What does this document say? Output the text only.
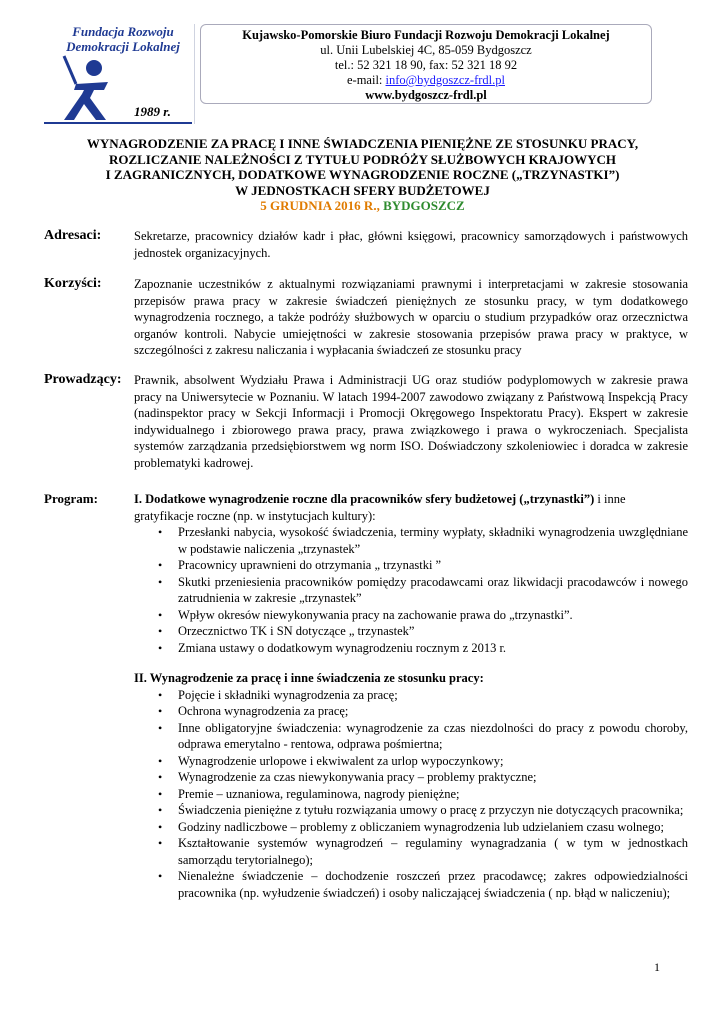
Fundacja Rozwoju
Demokracji Lokalnej
1989 r.
Kujawsko-Pomorskie Biuro Fundacji Rozwoju Demokracji Lokalnej
ul. Unii Lubelskiej 4C, 85-059 Bydgoszcz
tel.: 52 321 18 90, fax: 52 321 18 92
e-mail: info@bydgoszcz-frdl.pl
www.bydgoszcz-frdl.pl
WYNAGRODZENIE ZA PRACĘ I INNE ŚWIADCZENIA PIENIĘŻNE ZE STOSUNKU PRACY,
ROZLICZANIE NALEŻNOŚCI Z TYTUŁU PODRÓŻY SŁUŻBOWYCH KRAJOWYCH
I ZAGRANICZNYCH, DODATKOWE WYNAGRODZENIE ROCZNE („TRZYNASTKI”)
W JEDNOSTKACH SFERY BUDŻETOWEJ
5 GRUDNIA 2016 R., BYDGOSZCZ
Adresaci:	Sekretarze, pracownicy działów kadr i płac, główni księgowi, pracownicy samorządowych i państwowych jednostek organizacyjnych.
Korzyści:	Zapoznanie uczestników z aktualnymi rozwiązaniami prawnymi i interpretacjami w zakresie stosowania przepisów prawa pracy w zakresie świadczeń pieniężnych ze stosunku pracy, w tym dodatkowego wynagrodzenia rocznego, a także podróży służbowych w oparciu o studium przypadków oraz orzecznictwa organów kontroli. Nabycie umiejętności w zakresie stosowania przepisów prawa pracy w praktyce, w szczególności z zakresu naliczania i wypłacania świadczeń ze stosunku pracy
Prowadzący: Prawnik, absolwent Wydziału Prawa i Administracji UG oraz studiów podyplomowych w zakresie prawa pracy na Uniwersytecie w Poznaniu. W latach 1994-2007 zawodowo związany z Państwową Inspekcją Pracy (nadinspektor pracy w Sekcji Informacji i Promocji Okręgowego Inspektoratu Pracy). Ekspert w zakresie indywidualnego i zbiorowego prawa pracy, prawa związkowego i prawa o wykroczeniach. Specjalista systemów zarządzania przedsiębiorstwem wg norm ISO. Doświadczony szkoleniowiec i doradca w zakresie problematyki kadrowej.
Program:	I. Dodatkowe wynagrodzenie roczne dla pracowników sfery budżetowej („trzynastki”) i inne gratyfikacje roczne (np. w instytucjach kultury):

• Przesłanki nabycia, wysokość świadczenia, terminy wypłaty, składniki wynagrodzenia uwzględniane w podstawie naliczenia „trzynastek”
• Pracownicy uprawnieni do otrzymania „ trzynastki ”
• Skutki przeniesienia pracowników pomiędzy pracodawcami oraz likwidacji pracodawców i nowego zatrudnienia w zakresie „trzynastek”
• Wpływ okresów niewykonywania pracy na zachowanie prawa do „trzynastki”.
• Orzecznictwo TK i SN dotyczące „ trzynastek”
• Zmiana ustawy o dodatkowym wynagrodzeniu rocznym z 2013 r.

II. Wynagrodzenie za pracę i inne świadczenia ze stosunku pracy:

• Pojęcie i składniki wynagrodzenia za pracę;
• Ochrona wynagrodzenia za pracę;
• Inne obligatoryjne świadczenia: wynagrodzenie za czas niezdolności do pracy z powodu choroby, odprawa emerytalno - rentowa, odprawa pośmiertna;
• Wynagrodzenie urlopowe i ekwiwalent za urlop wypoczynkowy;
• Wynagrodzenie za czas niewykonywania pracy – problemy praktyczne;
• Premie – uznaniowa, regulaminowa, nagrody pieniężne;
• Świadczenia pieniężne z tytułu rozwiązania umowy o pracę z przyczyn nie dotyczących pracownika;
• Godziny nadliczbowe – problemy z obliczaniem wynagrodzenia lub udzielaniem czasu wolnego;
• Kształtowanie systemów wynagrodzeń – regulaminy wynagradzania ( w tym w jednostkach samorządu terytorialnego);
• Nienależne świadczenie – dochodzenie roszczeń przez pracodawcę; zakres odpowiedzialności pracownika (np. wyłudzenie świadczeń) i osoby naliczającej świadczenia ( np. błąd w naliczeniu);
1
